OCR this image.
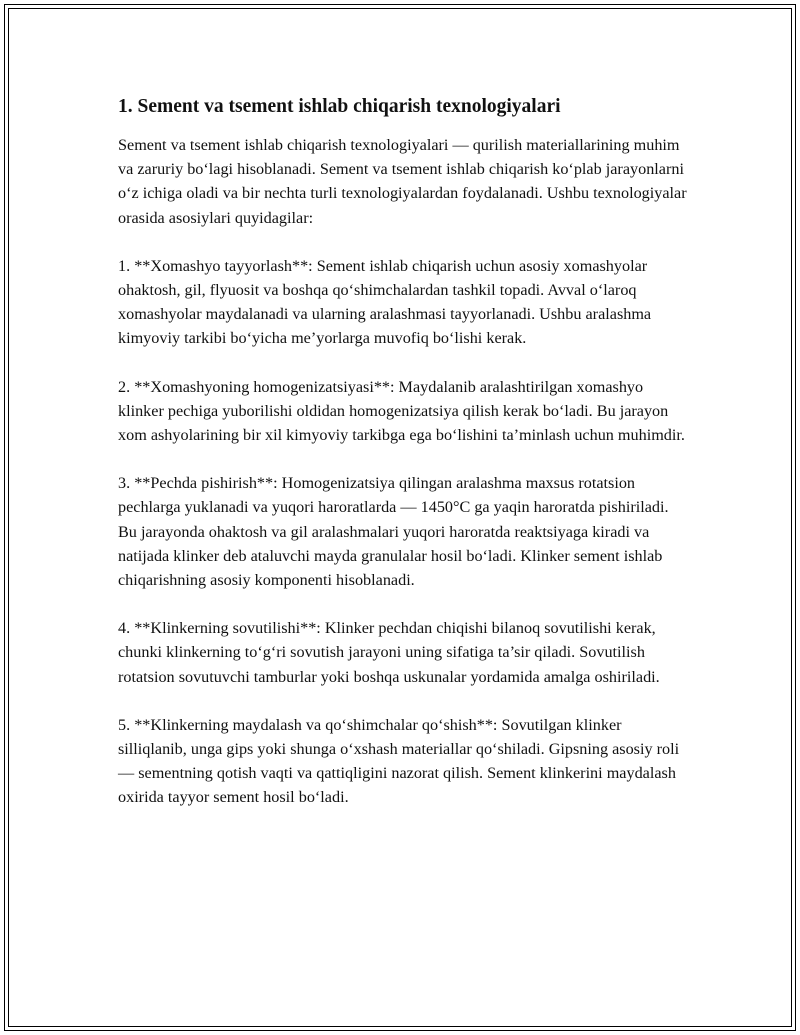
1. Sement va tsement ishlab chiqarish texnologiyalari

Sement va tsement ishlab chiqarish texnologiyalari — qurilish materiallarining muhim va zaruriy bo‘lagi hisoblanadi. Sement va tsement ishlab chiqarish ko‘plab jarayonlarni o‘z ichiga oladi va bir nechta turli texnologiyalardan foydalanadi. Ushbu texnologiyalar orasida asosiylari quyidagilar:

1. **Xomashyo tayyorlash**: Sement ishlab chiqarish uchun asosiy xomashyolar ohaktosh, gil, flyuosit va boshqa qo‘shimchalardan tashkil topadi. Avval o‘laroq xomashyolar maydalanadi va ularning aralashmasi tayyorlanadi. Ushbu aralashma kimyoviy tarkibi bo‘yicha me’yorlarga muvofiq bo‘lishi kerak.

2. **Xomashyoning homogenizatsiyasi**: Maydalanib aralashtirilgan xomashyo klinker pechiga yuborilishi oldidan homogenizatsiya qilish kerak bo‘ladi. Bu jarayon xom ashyolarining bir xil kimyoviy tarkibga ega bo‘lishini ta’minlash uchun muhimdir.

3. **Pechda pishirish**: Homogenizatsiya qilingan aralashma maxsus rotatsion pechlarga yuklanadi va yuqori haroratlarda — 1450°C ga yaqin haroratda pishiriladi. Bu jarayonda ohaktosh va gil aralashmalari yuqori haroratda reaktsiyaga kiradi va natijada klinker deb ataluvchi mayda granulalar hosil bo‘ladi. Klinker sement ishlab chiqarishning asosiy komponenti hisoblanadi.

4. **Klinkerning sovutilishi**: Klinker pechdan chiqishi bilanoq sovutilishi kerak, chunki klinkerning to‘g‘ri sovutish jarayoni uning sifatiga ta’sir qiladi. Sovutilish rotatsion sovutuvchi tamburlar yoki boshqa uskunalar yordamida amalga oshiriladi.

5. **Klinkerning maydalash va qo‘shimchalar qo‘shish**: Sovutilgan klinker silliqlanib, unga gips yoki shunga o‘xshash materiallar qo‘shiladi. Gipsning asosiy roli — sementning qotish vaqti va qattiqligini nazorat qilish. Sement klinkerini maydalash oxirida tayyor sement hosil bo‘ladi.
